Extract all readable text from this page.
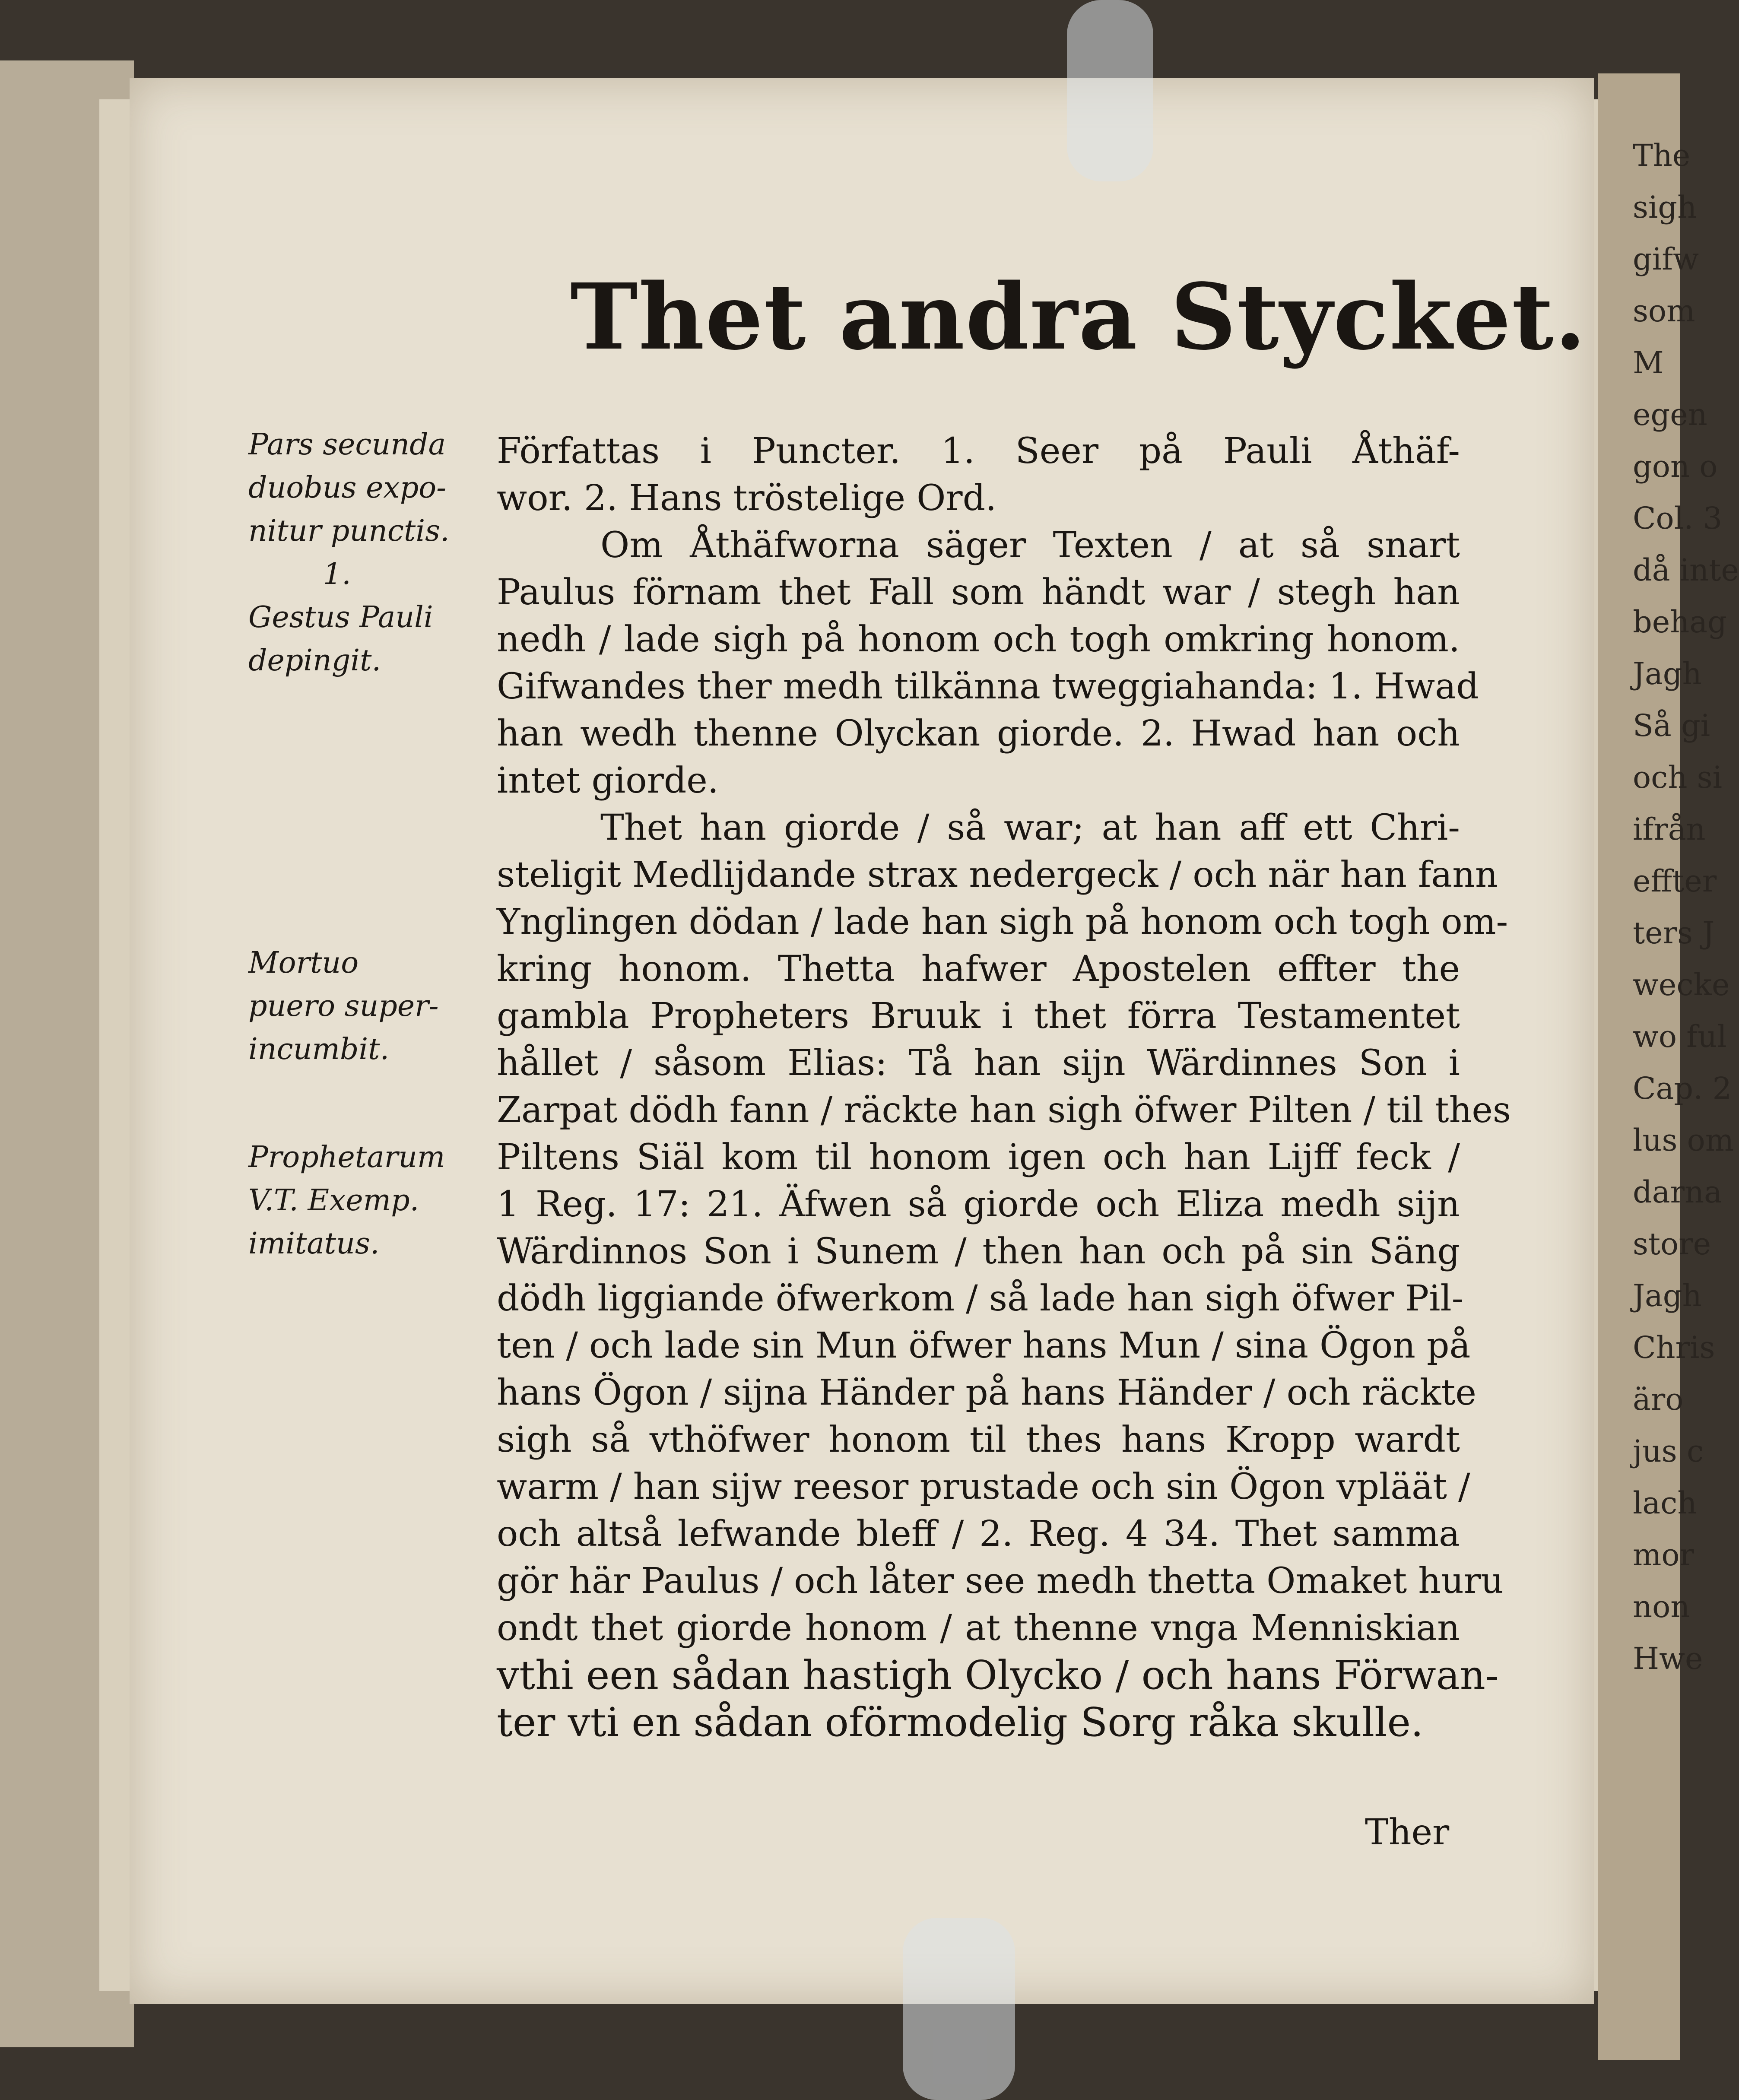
The
sigh
gifw
som
M
egen
gon o
Col. 3
då inte
behag
Jagh
Så gi
och si
ifrån
effter
ters J
wecke
wo ful
Cap. 2
lus om
darna
store
Jagh
Chris
äro
jus c
lach
mor
non
Hwe
Thet andra Stycket.
Pars secunda
duobus expo-
nitur punctis.
1.
Gestus Pauli
depingit.
Mortuo
puero super-
incumbit.
Prophetarum
V.T. Exemp.
imitatus.
Författas i Puncter. 1. Seer på Pauli Åthäf-
wor. 2. Hans tröstelige Ord.
Om Åthäfworna säger Texten / at så snart
Paulus förnam thet Fall som händt war / stegh han
nedh / lade sigh på honom och togh omkring honom.
Gifwandes ther medh tilkänna tweggiahanda: 1. Hwad
han wedh thenne Olyckan giorde. 2. Hwad han och
intet giorde.
Thet han giorde / så war; at han aff ett Chri-
steligit Medlijdande strax nedergeck / och när han fann
Ynglingen dödan / lade han sigh på honom och togh om-
kring honom. Thetta hafwer Apostelen effter the
gambla Propheters Bruuk i thet förra Testamentet
hållet / såsom Elias: Tå han sijn Wärdinnes Son i
Zarpat dödh fann / räckte han sigh öfwer Pilten / til thes
Piltens Siäl kom til honom igen och han Lijff feck /
1 Reg. 17: 21. Äfwen så giorde och Eliza medh sijn
Wärdinnos Son i Sunem / then han och på sin Säng
dödh liggiande öfwerkom / så lade han sigh öfwer Pil-
ten / och lade sin Mun öfwer hans Mun / sina Ögon på
hans Ögon / sijna Händer på hans Händer / och räckte
sigh så vthöfwer honom til thes hans Kropp wardt
warm / han sijw reesor prustade och sin Ögon vpläät /
och altså lefwande bleff / 2. Reg. 4 34. Thet samma
gör här Paulus / och låter see medh thetta Omaket huru
ondt thet giorde honom / at thenne vnga Menniskian
vthi een sådan hastigh Olycko / och hans Förwan-
ter vti en sådan oförmodelig Sorg råka skulle.
Ther
